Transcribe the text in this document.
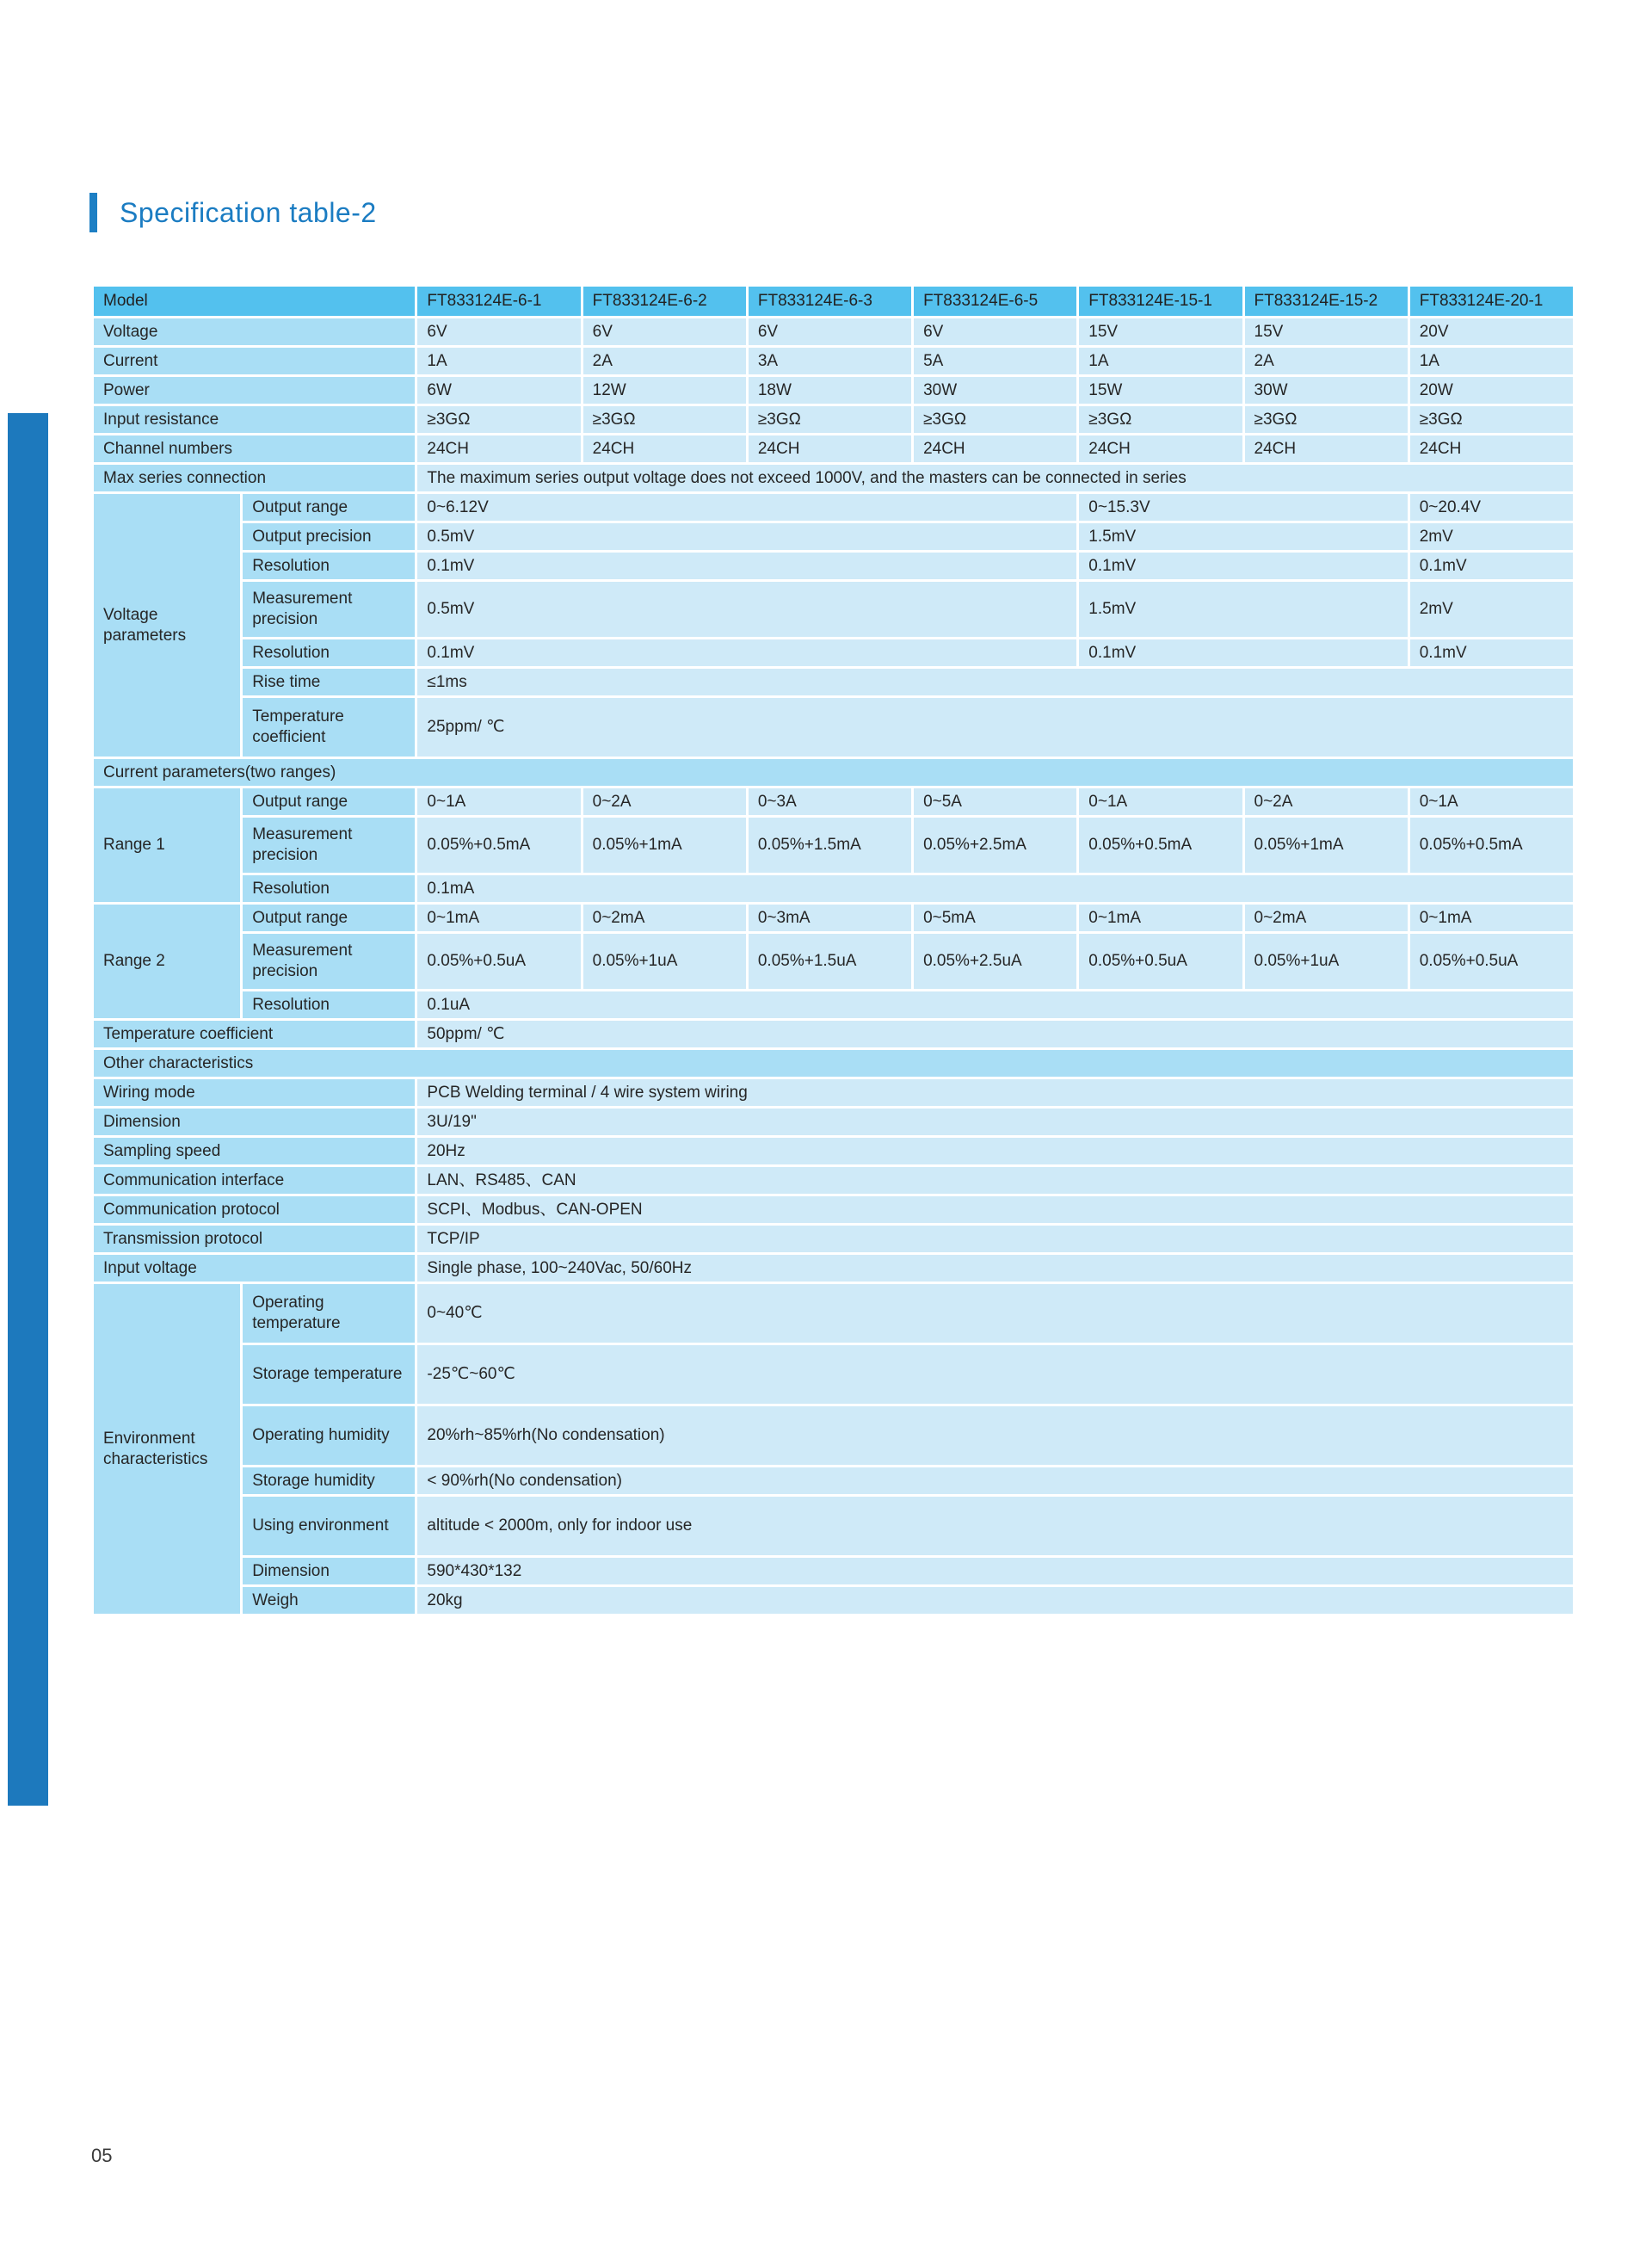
Specification table-2
Model		FT833124E-6-1	FT833124E-6-2	FT833124E-6-3	FT833124E-6-5	FT833124E-15-1	FT833124E-15-2	FT833124E-20-1
Voltage		6V	6V	6V	6V	15V	15V	20V
Current		1A	2A	3A	5A	1A	2A	1A
Power		6W	12W	18W	30W	15W	30W	20W
Input resistance		≥3GΩ	≥3GΩ	≥3GΩ	≥3GΩ	≥3GΩ	≥3GΩ	≥3GΩ
Channel numbers		24CH	24CH	24CH	24CH	24CH	24CH	24CH
Max series connection		The maximum series output voltage does not exceed 1000V, and the masters can be connected in series						
Voltage parameters	Output range	0~6.12V				0~15.3V		0~20.4V
	Output precision	0.5mV				1.5mV		2mV
	Resolution	0.1mV				0.1mV		0.1mV
	Measurement precision	0.5mV				1.5mV		2mV
	Resolution	0.1mV				0.1mV		0.1mV
	Rise time	≤1ms						
	Temperature coefficient	25ppm/ ℃						
Current parameters(two ranges)								
Range 1	Output range	0~1A	0~2A	0~3A	0~5A	0~1A	0~2A	0~1A
	Measurement precision	0.05%+0.5mA	0.05%+1mA	0.05%+1.5mA	0.05%+2.5mA	0.05%+0.5mA	0.05%+1mA	0.05%+0.5mA
	Resolution	0.1mA						
Range 2	Output range	0~1mA	0~2mA	0~3mA	0~5mA	0~1mA	0~2mA	0~1mA
	Measurement precision	0.05%+0.5uA	0.05%+1uA	0.05%+1.5uA	0.05%+2.5uA	0.05%+0.5uA	0.05%+1uA	0.05%+0.5uA
	Resolution	0.1uA						
Temperature coefficient		50ppm/ ℃						
Other characteristics								
Wiring mode		PCB Welding terminal / 4 wire system wiring						
Dimension		3U/19"						
Sampling speed		20Hz						
Communication interface		LAN、RS485、CAN						
Communication protocol		SCPI、Modbus、CAN-OPEN						
Transmission protocol		TCP/IP						
Input voltage		Single phase, 100~240Vac, 50/60Hz						
Environment characteristics	Operating temperature	0~40℃						
	Storage temperature	-25℃~60℃						
	Operating humidity	20%rh~85%rh(No condensation)						
	Storage humidity	< 90%rh(No condensation)						
	Using environment	altitude < 2000m, only for indoor use						
	Dimension	590*430*132						
	Weigh	20kg						
05
